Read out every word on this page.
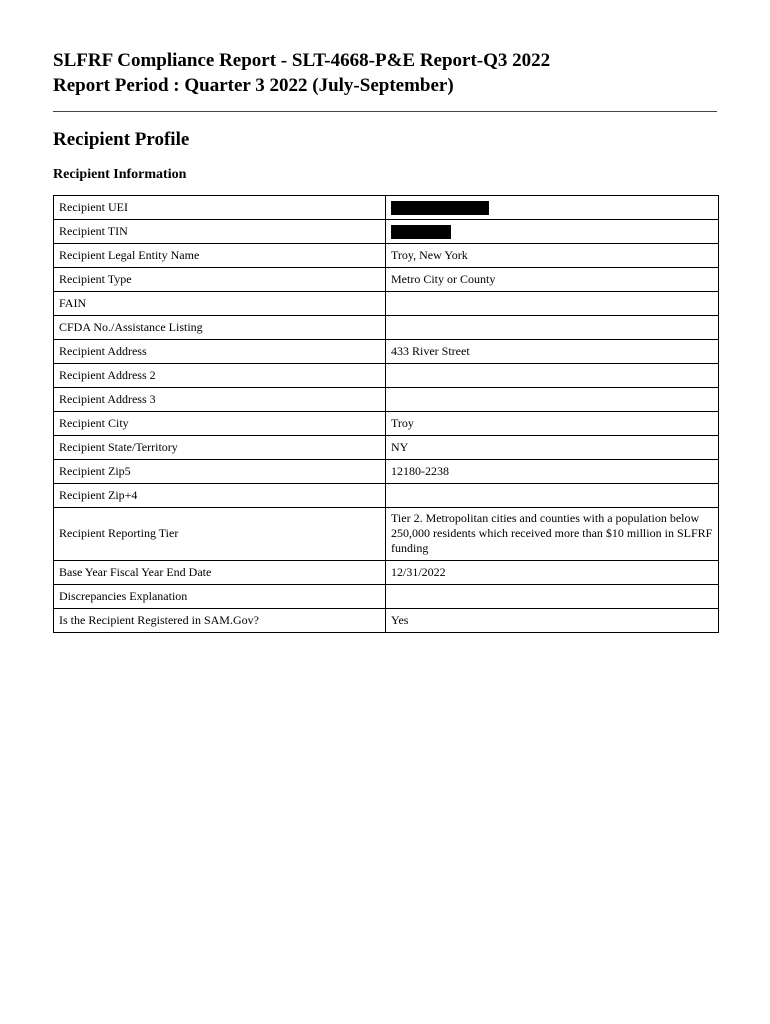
SLFRF Compliance Report - SLT-4668-P&E Report-Q3 2022
Report Period : Quarter 3 2022 (July-September)
Recipient Profile
Recipient Information
Recipient UEI	
Recipient TIN	
Recipient Legal Entity Name	Troy, New York
Recipient Type	Metro City or County
FAIN	
CFDA No./Assistance Listing	
Recipient Address	433 River Street
Recipient Address 2	
Recipient Address 3	
Recipient City	Troy
Recipient State/Territory	NY
Recipient Zip5	12180-2238
Recipient Zip+4	
Recipient Reporting Tier	Tier 2. Metropolitan cities and counties with a population below 250,000 residents which received more than $10 million in SLFRF funding
Base Year Fiscal Year End Date	12/31/2022
Discrepancies Explanation	
Is the Recipient Registered in SAM.Gov?	Yes
